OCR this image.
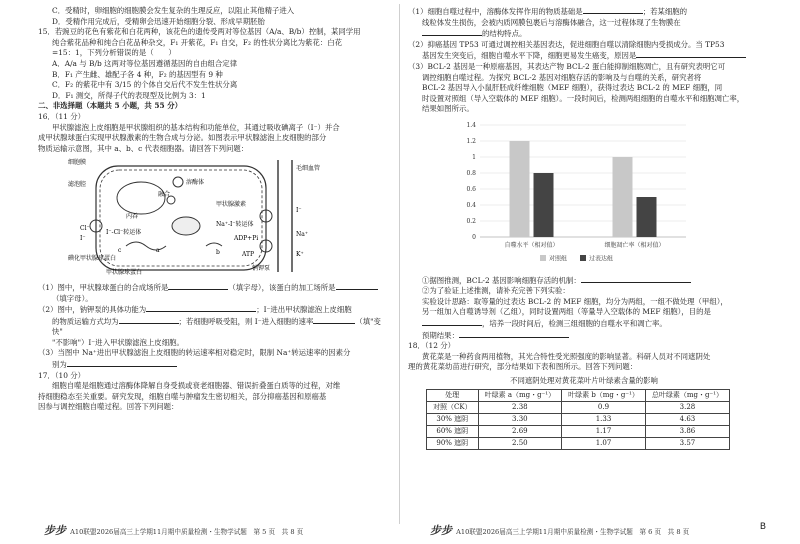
C．受精时，卵细胞的细胞膜会发生复杂的生理反应，以阻止其他精子进入

D．受精作用完成后，受精卵会迅速开始细胞分裂、形成早期胚胎

15．若豌豆的花色有紫花和白花两种，该花色的遗传受两对等位基因（A/a、B/b）控制，某同学用

纯合紫花品种和纯合白花品种杂交，F₁ 开紫花，F₁ 自交，F₂ 的性状分离比为紫花：白花

=15：1，下列分析错误的是（　　）

A．A/a 与 B/b 这两对等位基因遵循基因的自由组合定律

B．F₁ 产生雌、雄配子各 4 种，F₂ 的基因型有 9 种

C．F₂ 的紫花中有 3/15 的个体自交后代不发生性状分离

D．F₁ 测交，所得子代的表现型及比例为 3：1

二、非选择题（本题共 5 小题，共 55 分）

16．（11 分）

甲状腺滤泡上皮细胞是甲状腺组织的基本结构和功能单位，其通过吸收碘离子（I⁻）并合

成甲状腺球蛋白实现甲状腺激素的生物合成与分泌。如图表示甲状腺滤泡上皮细胞的部分

物质运输示意图，其中 a、b、c 代表细胞器。请回答下列问题：

细胞膜
滤泡腔	溶酶体
融合
内吞
甲状腺激素
I⁻-Cl⁻转运体
Na⁺-I⁻转运体
Cl⁻
I⁻	ADP+Pi
ATP
Na⁺
K⁺
I⁻
碘化甲状腺球蛋白
甲状腺球蛋白
a	b
c
毛细血管
钠钾泵

（1）图中，甲状腺球蛋白的合成场所是	（填字母），该蛋白的加工场所是

（填字母）。

（2）图中，钠钾泵的具体功能为	；I⁻进出甲状腺滤泡上皮细胞

的物质运输方式均为	；若细胞呼吸受阻，则 I⁻进入细胞的速率	（填"变快"

"不影响"）I⁻进入甲状腺滤泡上皮细胞。

（3）当图中 Na⁺进出甲状腺滤泡上皮细胞的转运速率相对稳定时，限制 Na⁺转运速率的因素分

别为

17．（10 分）

细胞自噬是细胞通过溶酶体降解自身受损或衰老细胞器、错误折叠蛋白质等的过程，对维

持细胞稳态至关重要。研究发现，细胞自噬与肿瘤发生密切相关，部分抑癌基因和原癌基

因参与调控细胞自噬过程。回答下列问题：

（1）细胞自噬过程中，溶酶体发挥作用的物质基础是	；若某细胞的

线粒体发生损伤，会被内质网膜包裹后与溶酶体融合，这一过程体现了生物膜在

的结构特点。

（2）抑癌基因 TP53 可通过调控相关基因表达，促进细胞自噬以清除细胞内受损成分。当 TP53

基因发生突变后，细胞自噬水平下降，细胞更易发生癌变，原因是

（3）BCL-2 基因是一种原癌基因，其表达产物 BCL-2 蛋白能抑制细胞凋亡，且有研究表明它可

调控细胞自噬过程。为探究 BCL-2 基因对细胞存活的影响及与自噬的关系，研究者将

BCL-2 基因导入小鼠肝胚成纤维细胞（MEF 细胞），获得过表达 BCL-2 的 MEF 细胞，同

时设置对照组（导入空载体的 MEF 细胞）。一段时间后，检测两组细胞的自噬水平和细胞凋亡率，

结果如图所示。

0
0.2
0.4
0.6
0.8
1
1.2
1.4
自噬水平（相对值）	细胞凋亡率（相对值）
对照组	过表达组

①据图推测，BCL-2 基因影响细胞存活的机制：

②为了验证上述推测，请补充完善下列实验：

实验设计思路：取等量的过表达 BCL-2 的 MEF 细胞，均分为两组，一组不做处理（甲组），

另一组加入自噬诱导剂（乙组），同时设置两组（等量导入空载体的 MEF 细胞），目的是

，培养一段时间后，检测三组细胞的自噬水平和凋亡率。

预期结果：

18．（12 分）

黄花菜是一种药食两用植物，其光合特性受光照强度的影响显著。科研人员对不同遮阴处

理的黄花菜幼苗进行研究，部分结果如下表和图所示。回答下列问题：

不同遮阴处理对黄花菜叶片叶绿素含量的影响

处理	叶绿素 a（mg・g⁻¹）	叶绿素 b（mg・g⁻¹）	总叶绿素（mg・g⁻¹）
对照（CK）	2.38	0.9	3.28
30% 遮阴	3.30	1.33	4.63
60% 遮阴	2.69	1.17	3.86
90% 遮阴	2.50	1.07	3.57
步步 A10联盟2026届高三上学期11月期中质量检测・生物学试题　第 5 页　共 8 页	步步 A10联盟2026届高三上学期11月期中质量检测・生物学试题　第 6 页　共 8 页	B
